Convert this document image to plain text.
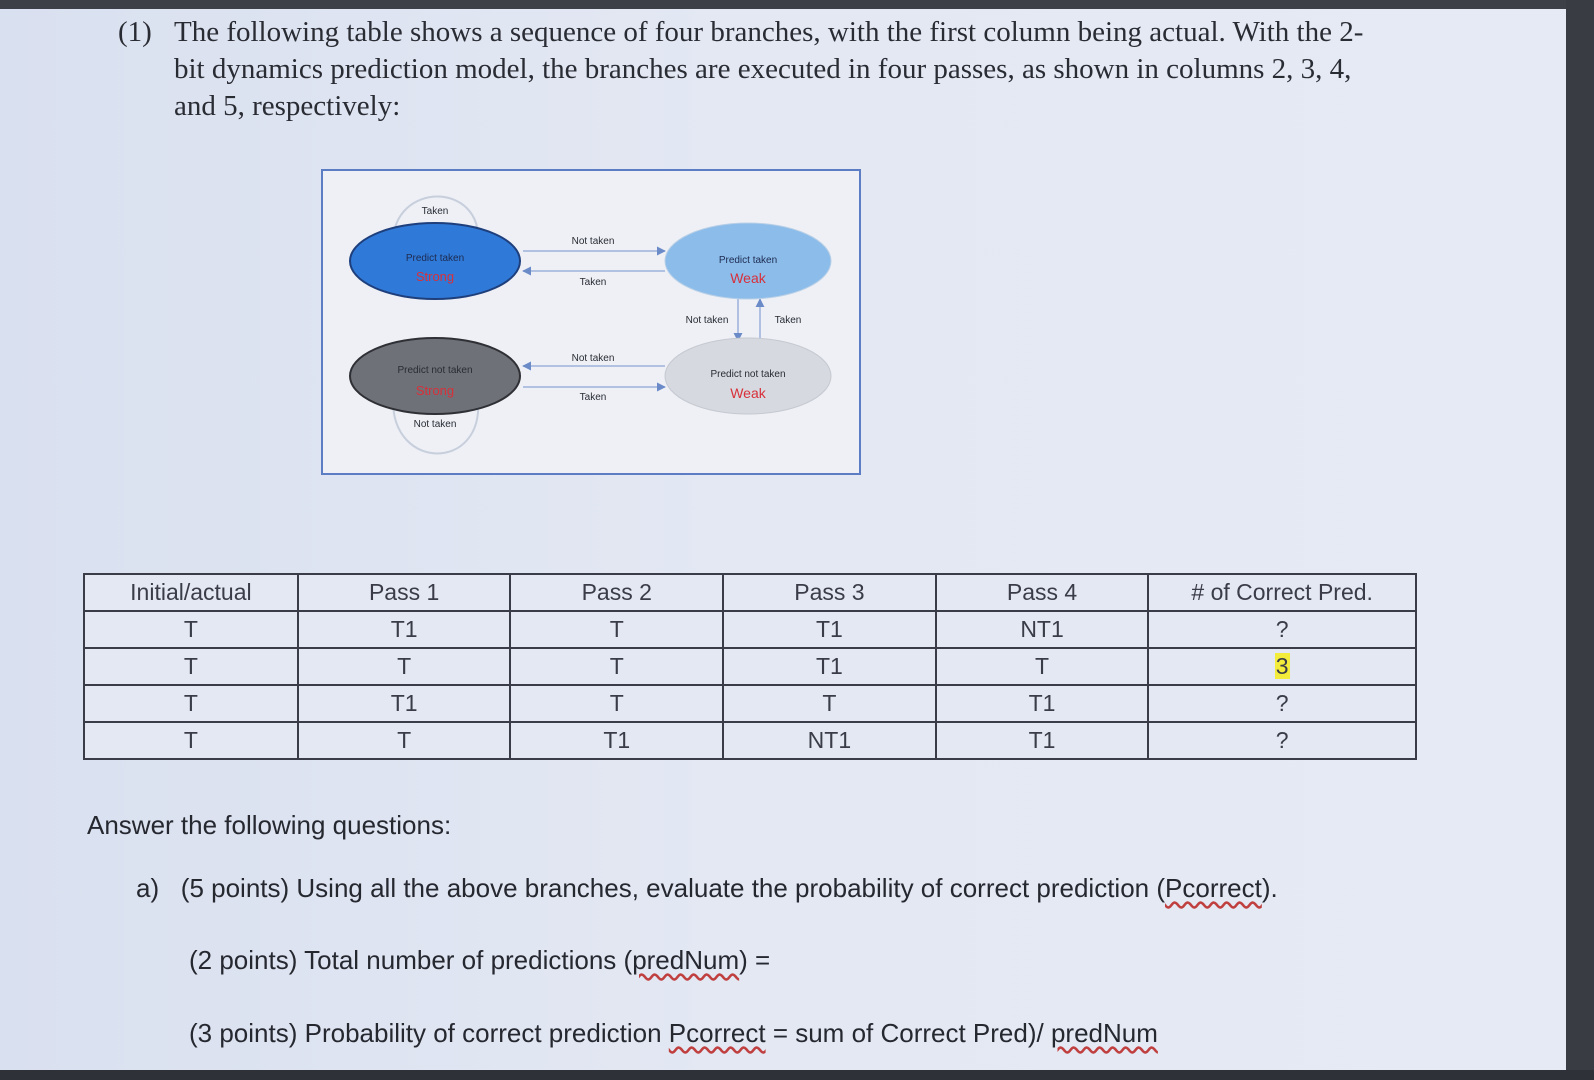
(1) The following table shows a sequence of four branches, with the first column being actual. With the 2-bit dynamics prediction model, the branches are executed in four passes, as shown in columns 2, 3, 4, and 5, respectively:
Taken
Not taken
Taken
Not taken	Taken
Not taken
Taken
Not taken
Predict taken
Strong
Predict taken
Weak
Predict not taken
Strong
Predict not taken
Weak
Initial/actual	Pass 1	Pass 2	Pass 3	Pass 4	# of Correct Pred.
T	T1	T	T1	NT1	?
T	T	T	T1	T	3
T	T1	T	T	T1	?
T	T	T1	NT1	T1	?
Answer the following questions:
a) (5 points) Using all the above branches, evaluate the probability of correct prediction (Pcorrect).
(2 points) Total number of predictions (predNum) =
(3 points) Probability of correct prediction Pcorrect = sum of Correct Pred)/ predNum
